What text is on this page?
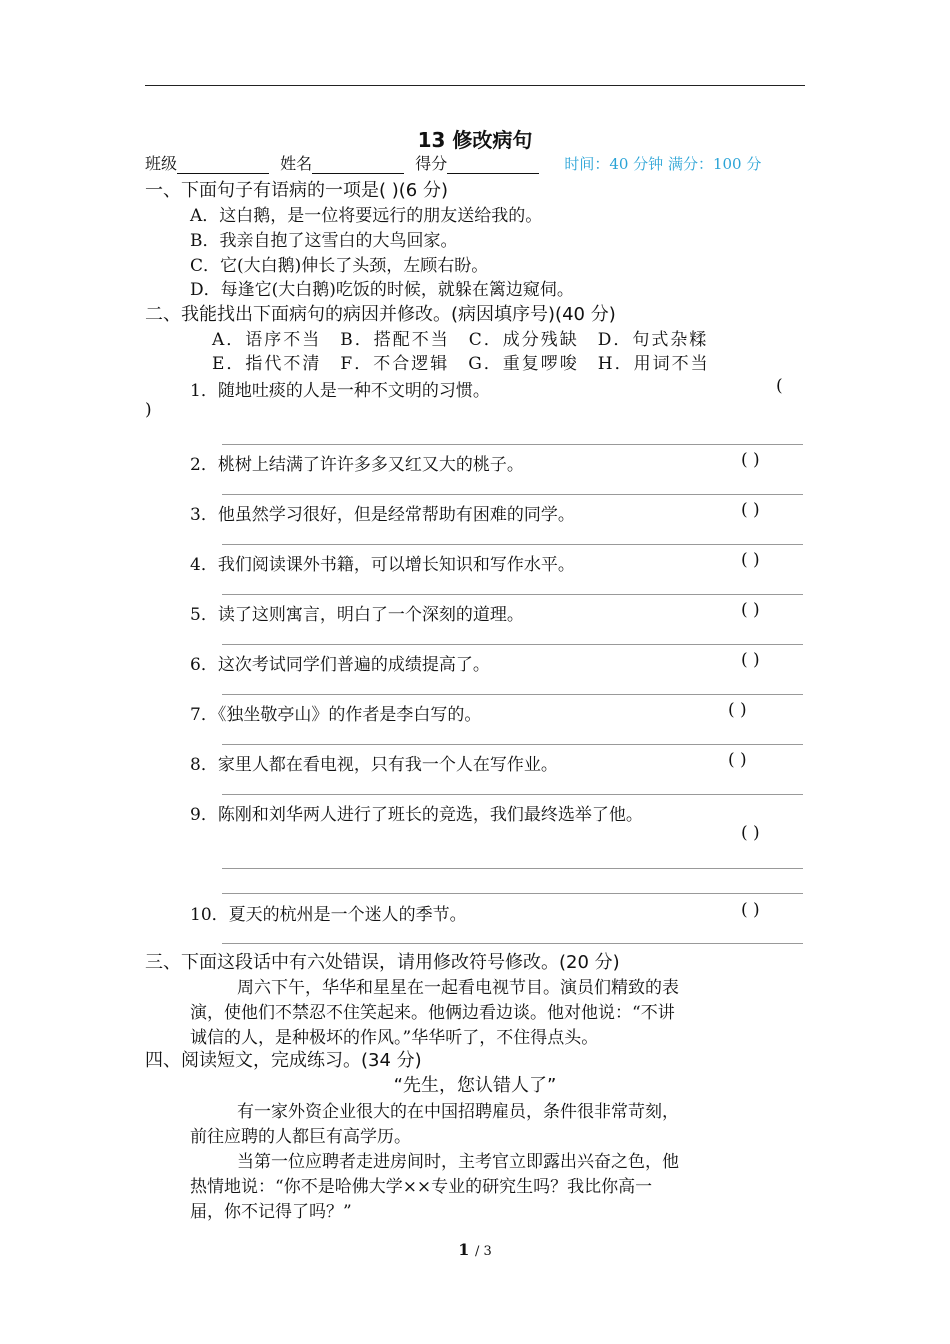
13 修改病句
班级	姓名	得分	时间：40 分钟 满分：100 分
一、下面句子有语病的一项是( )(6 分)
A．这白鹅，是一位将要远行的朋友送给我的。
B．我亲自抱了这雪白的大鸟回家。
C．它(大白鹅)伸长了头颈，左顾右盼。
D．每逢它(大白鹅)吃饭的时候，就躲在篱边窥伺。
二、我能找出下面病句的病因并修改。(病因填序号)(40 分)
A．语序不当　B．搭配不当　C．成分残缺　D．句式杂糅
E．指代不清　F．不合逻辑　G．重复啰唆　H．用词不当
1．随地吐痰的人是一种不文明的习惯。	(
)
2．桃树上结满了许许多多又红又大的桃子。	( )
3．他虽然学习很好，但是经常帮助有困难的同学。	( )
4．我们阅读课外书籍，可以增长知识和写作水平。	( )
5．读了这则寓言，明白了一个深刻的道理。	( )
6．这次考试同学们普遍的成绩提高了。	( )
7．《独坐敬亭山》的作者是李白写的。	( )
8．家里人都在看电视，只有我一个人在写作业。	( )
9．陈刚和刘华两人进行了班长的竞选，我们最终选举了他。
( )
10．夏天的杭州是一个迷人的季节。	( )
三、下面这段话中有六处错误，请用修改符号修改。(20 分)
周六下午，华华和星星在一起看电视节目。演员们精致的表
演，使他们不禁忍不住笑起来。他俩边看边谈。他对他说：“不讲
诚信的人，是种极坏的作风。”华华听了，不住得点头。
四、阅读短文，完成练习。(34 分)
“先生，您认错人了”
有一家外资企业很大的在中国招聘雇员，条件很非常苛刻，
前往应聘的人都巨有高学历。
当第一位应聘者走进房间时，主考官立即露出兴奋之色，他
热情地说：“你不是哈佛大学××专业的研究生吗？我比你高一
届，你不记得了吗？”
1 / 3
